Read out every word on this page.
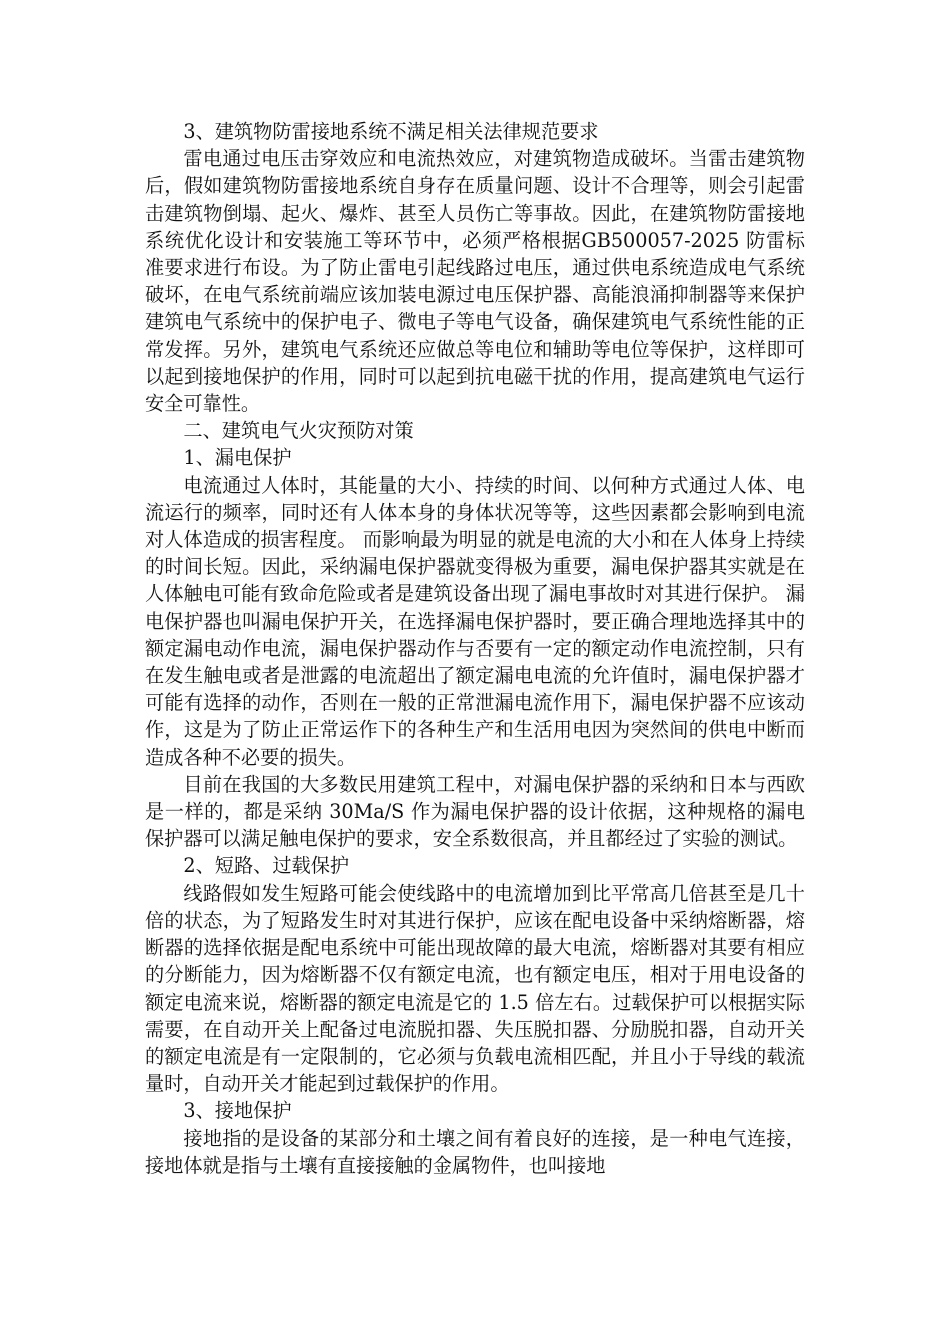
3、建筑物防雷接地系统不满足相关法律规范要求

雷电通过电压击穿效应和电流热效应，对建筑物造成破坏。当雷击建筑物后，假如建筑物防雷接地系统自身存在质量问题、设计不合理等，则会引起雷击建筑物倒塌、起火、爆炸、甚至人员伤亡等事故。因此，在建筑物防雷接地系统优化设计和安装施工等环节中，必须严格根据GB500057-2025 防雷标准要求进行布设。为了防止雷电引起线路过电压，通过供电系统造成电气系统破坏，在电气系统前端应该加装电源过电压保护器、高能浪涌抑制器等来保护建筑电气系统中的保护电子、微电子等电气设备，确保建筑电气系统性能的正常发挥。另外，建筑电气系统还应做总等电位和辅助等电位等保护，这样即可以起到接地保护的作用，同时可以起到抗电磁干扰的作用，提高建筑电气运行安全可靠性。

二、建筑电气火灾预防对策

1、漏电保护

电流通过人体时，其能量的大小、持续的时间、以何种方式通过人体、电流运行的频率，同时还有人体本身的身体状况等等，这些因素都会影响到电流对人体造成的损害程度。 而影响最为明显的就是电流的大小和在人体身上持续的时间长短。因此，采纳漏电保护器就变得极为重要，漏电保护器其实就是在人体触电可能有致命危险或者是建筑设备出现了漏电事故时对其进行保护。 漏电保护器也叫漏电保护开关，在选择漏电保护器时，要正确合理地选择其中的额定漏电动作电流，漏电保护器动作与否要有一定的额定动作电流控制，只有在发生触电或者是泄露的电流超出了额定漏电电流的允许值时，漏电保护器才可能有选择的动作，否则在一般的正常泄漏电流作用下，漏电保护器不应该动作，这是为了防止正常运作下的各种生产和生活用电因为突然间的供电中断而造成各种不必要的损失。

目前在我国的大多数民用建筑工程中，对漏电保护器的采纳和日本与西欧是一样的，都是采纳 30Ma/S 作为漏电保护器的设计依据，这种规格的漏电保护器可以满足触电保护的要求，安全系数很高，并且都经过了实验的测试。

2、短路、过载保护

线路假如发生短路可能会使线路中的电流增加到比平常高几倍甚至是几十倍的状态，为了短路发生时对其进行保护，应该在配电设备中采纳熔断器，熔断器的选择依据是配电系统中可能出现故障的最大电流，熔断器对其要有相应的分断能力，因为熔断器不仅有额定电流，也有额定电压，相对于用电设备的额定电流来说，熔断器的额定电流是它的 1.5 倍左右。过载保护可以根据实际需要，在自动开关上配备过电流脱扣器、失压脱扣器、分励脱扣器，自动开关的额定电流是有一定限制的，它必须与负载电流相匹配，并且小于导线的载流量时，自动开关才能起到过载保护的作用。

3、接地保护

接地指的是设备的某部分和土壤之间有着良好的连接，是一种电气连接，接地体就是指与土壤有直接接触的金属物件，也叫接地
